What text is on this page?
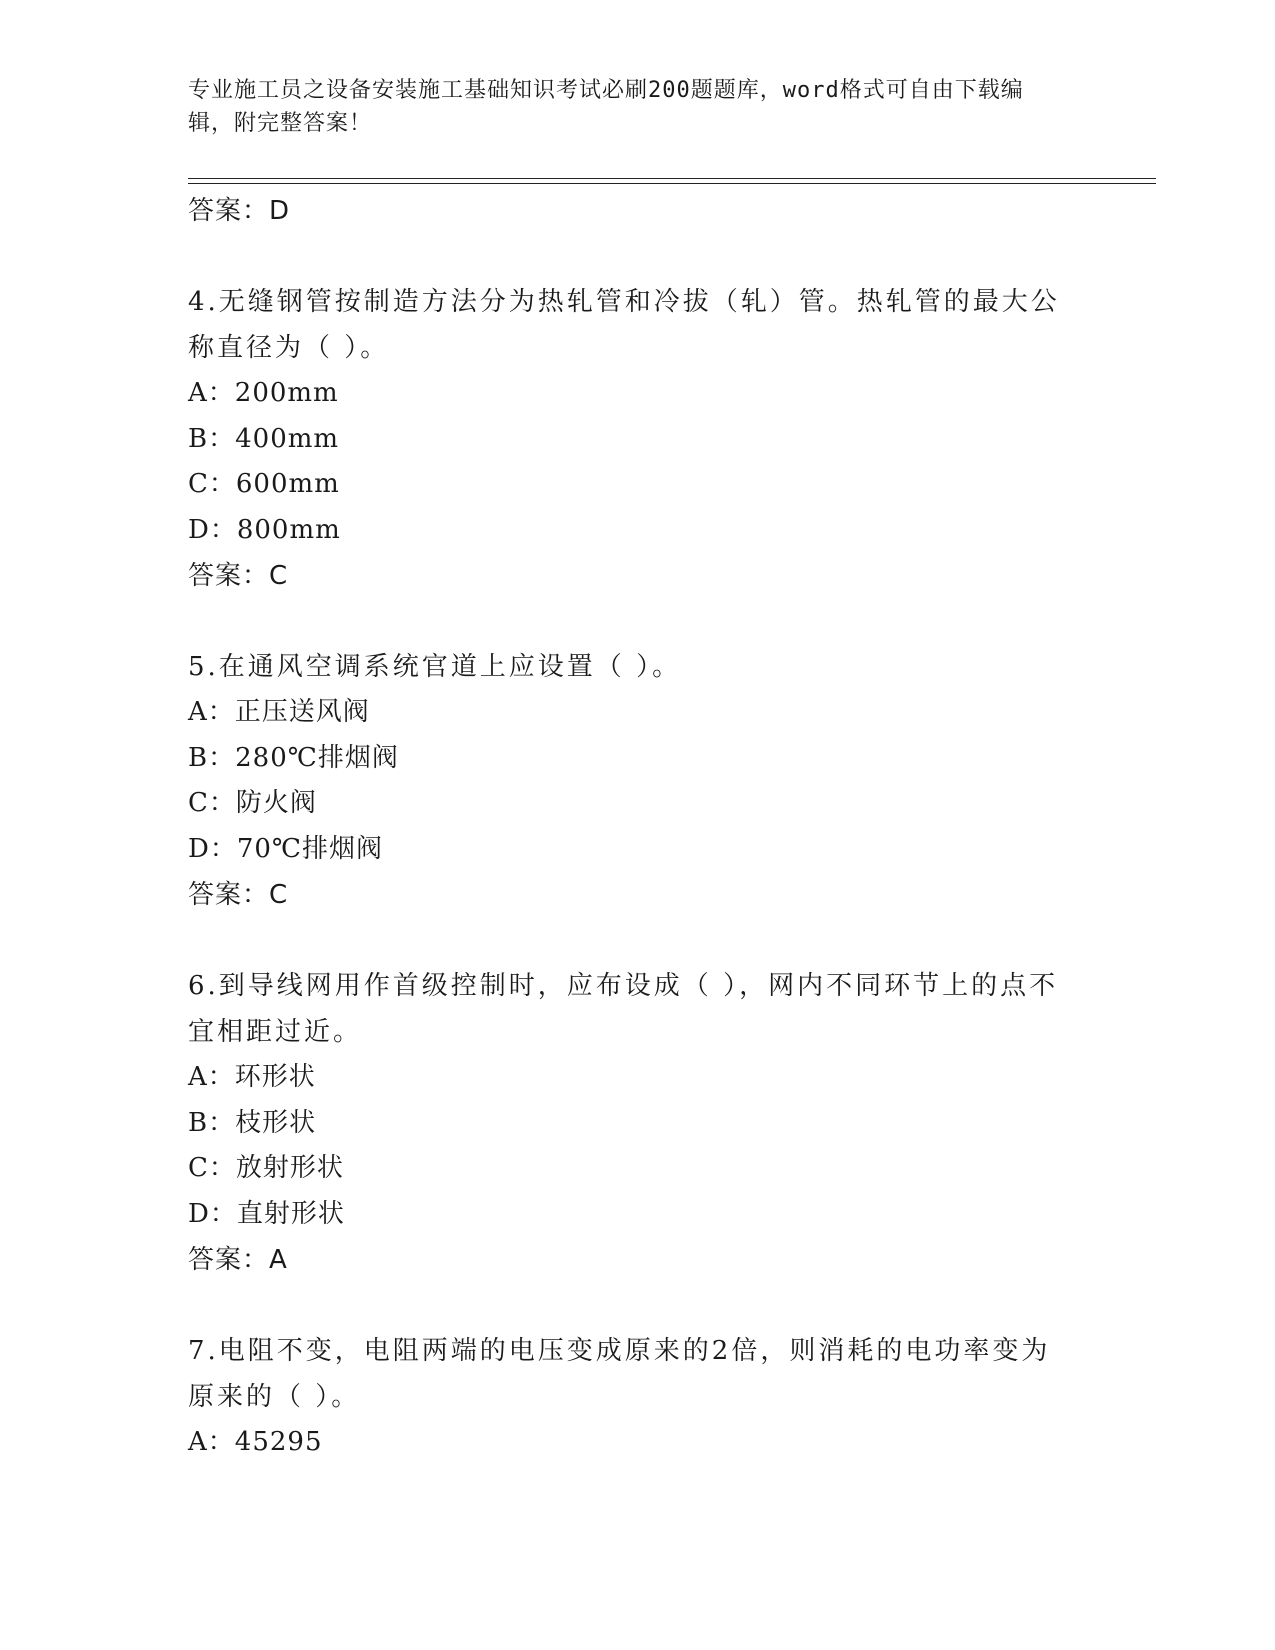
专业施工员之设备安装施工基础知识考试必刷200题题库，word格式可自由下载编辑，附完整答案！
答案：D
4.无缝钢管按制造方法分为热轧管和冷拔（轧）管。热轧管的最大公称直径为（ ）。
A：200mm
B：400mm
C：600mm
D：800mm
答案：C
5.在通风空调系统官道上应设置（ ）。
A：正压送风阀
B：280℃排烟阀
C：防火阀
D：70℃排烟阀
答案：C
6.到导线网用作首级控制时，应布设成（ ），网内不同环节上的点不宜相距过近。
A：环形状
B：枝形状
C：放射形状
D：直射形状
答案：A
7.电阻不变，电阻两端的电压变成原来的2倍，则消耗的电功率变为原来的（ ）。
A：45295
